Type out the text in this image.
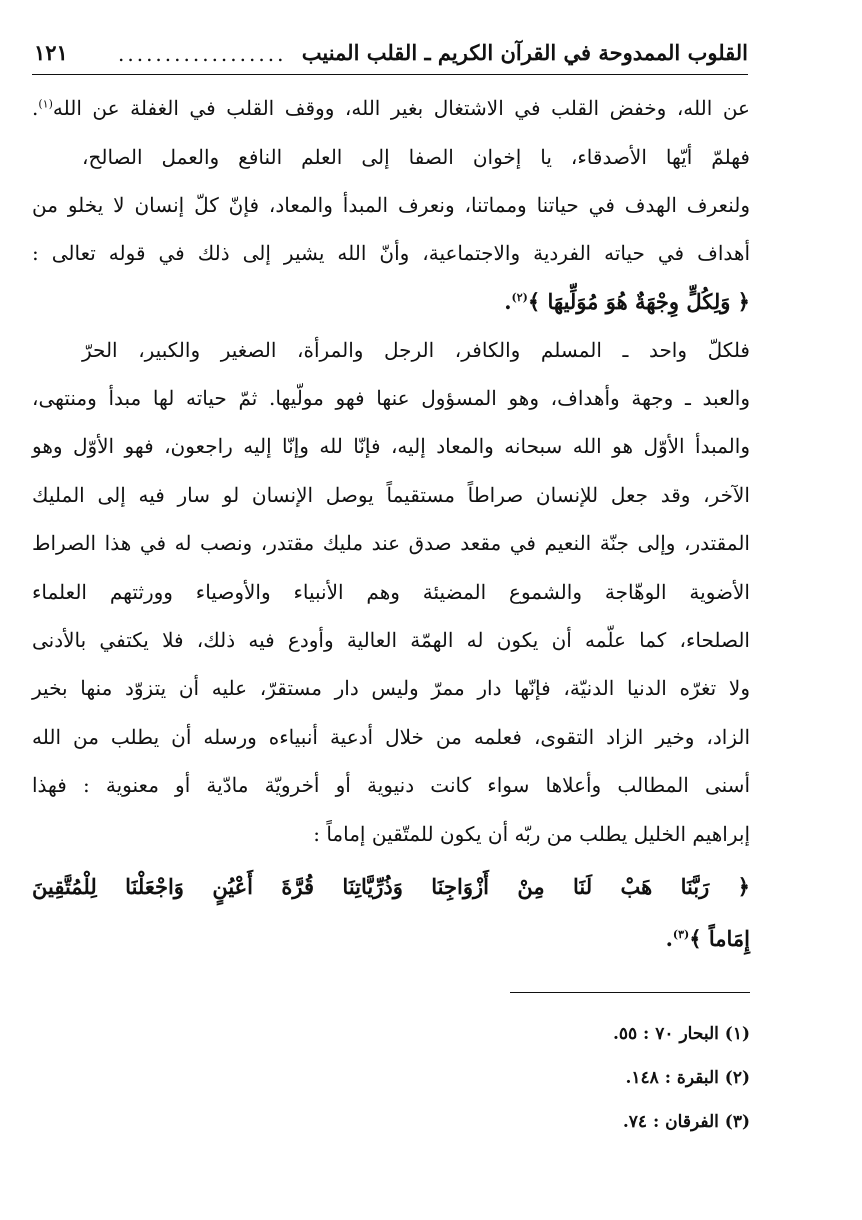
القلوب الممدوحة في القرآن الكريم ـ القلب المنيب
..................
١٢١
عن الله، وخفض القلب في الاشتغال بغير الله، ووقف القلب في الغفلة عن الله$^{(١)}$.
فهلمّ أيّها الأصدقاء، يا إخوان الصفا إلى العلم النافع والعمل الصالح،
ولنعرف الهدف في حياتنا ومماتنا، ونعرف المبدأ والمعاد، فإنّ كلّ إنسان لا يخلو من
أهداف في حياته الفردية والاجتماعية، وأنّ الله يشير إلى ذلك في قوله تعالى :
﴿ وَلِكُلٍّ وِجْهَةٌ هُوَ مُوَلِّيهَا ﴾$^{(٢)}$.
فلكلّ واحد ـ المسلم والكافر، الرجل والمرأة، الصغير والكبير، الحرّ
والعبد ـ وجهة وأهداف، وهو المسؤول عنها فهو مولّيها. ثمّ حياته لها مبدأ ومنتهى،
والمبدأ الأوّل هو الله سبحانه والمعاد إليه، فإنّا لله وإنّا إليه راجعون، فهو الأوّل وهو
الآخر، وقد جعل للإنسان صراطاً مستقيماً يوصل الإنسان لو سار فيه إلى المليك
المقتدر، وإلى جنّة النعيم في مقعد صدق عند مليك مقتدر، ونصب له في هذا الصراط
الأضوية الوهّاجة والشموع المضيئة وهم الأنبياء والأوصياء وورثتهم العلماء
الصلحاء، كما علّمه أن يكون له الهمّة العالية وأودع فيه ذلك، فلا يكتفي بالأدنى
ولا تغرّه الدنيا الدنيّة، فإنّها دار ممرّ وليس دار مستقرّ، عليه أن يتزوّد منها بخير
الزاد، وخير الزاد التقوى، فعلمه من خلال أدعية أنبياءه ورسله أن يطلب من الله
أسنى المطالب وأعلاها سواء كانت دنيوية أو أخرويّة مادّية أو معنوية : فهذا
إبراهيم الخليل يطلب من ربّه أن يكون للمتّقين إماماً :
﴿ رَبَّنَا هَبْ لَنَا مِنْ أَزْوَاجِنَا وَذُرِّيَّاتِنَا قُرَّةَ أَعْيُنٍ وَاجْعَلْنَا لِلْمُتَّقِينَ
إِمَاماً ﴾$^{(٣)}$.
(١) البحار ٧٠ : ٥٥.
(٢) البقرة : ١٤٨.
(٣) الفرقان : ٧٤.
